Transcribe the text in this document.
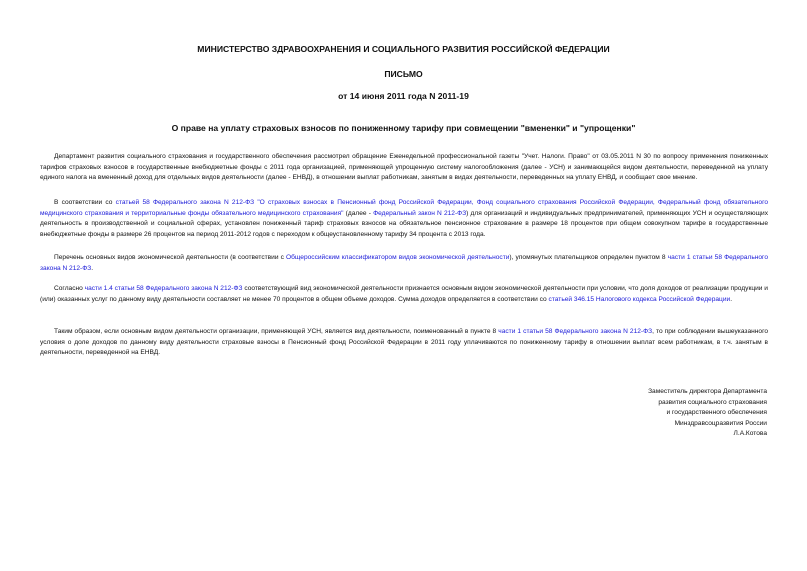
МИНИСТЕРСТВО ЗДРАВООХРАНЕНИЯ И СОЦИАЛЬНОГО РАЗВИТИЯ РОССИЙСКОЙ ФЕДЕРАЦИИ

ПИСЬМО

от 14 июня 2011 года N 2011-19

О праве на уплату страховых взносов по пониженному тарифу при совмещении "вмененки" и "упрощенки"

Департамент развития социального страхования и государственного обеспечения рассмотрел обращение Еженедельной профессиональной газеты "Учет. Налоги. Право" от 03.05.2011 N 30 по вопросу применения пониженных тарифов страховых взносов в государственные внебюджетные фонды с 2011 года организацией, применяющей упрощенную систему налогообложения (далее - УСН) и занимающейся видом деятельности, переведенной на уплату единого налога на вмененный доход для отдельных видов деятельности (далее - ЕНВД), в отношении выплат работникам, занятым в видах деятельности, переведенных на уплату ЕНВД, и сообщает свое мнение.

В соответствии со статьей 58 Федерального закона N 212-ФЗ "О страховых взносах в Пенсионный фонд Российской Федерации, Фонд социального страхования Российской Федерации, Федеральный фонд обязательного медицинского страхования и территориальные фонды обязательного медицинского страхования" (далее - Федеральный закон N 212-ФЗ) для организаций и индивидуальных предпринимателей, применяющих УСН и осуществляющих деятельность в производственной и социальной сферах, установлен пониженный тариф страховых взносов на обязательное пенсионное страхование в размере 18 процентов при общем совокупном тарифе в государственные внебюджетные фонды в размере 26 процентов на период 2011-2012 годов с переходом к общеустановленному тарифу 34 процента с 2013 года.

Перечень основных видов экономической деятельности (в соответствии с Общероссийским классификатором видов экономической деятельности), упомянутых плательщиков определен пунктом 8 части 1 статьи 58 Федерального закона N 212-ФЗ.

Согласно части 1.4 статьи 58 Федерального закона N 212-ФЗ соответствующий вид экономической деятельности признается основным видом экономической деятельности при условии, что доля доходов от реализации продукции и (или) оказанных услуг по данному виду деятельности составляет не менее 70 процентов в общем объеме доходов. Сумма доходов определяется в соответствии со статьей 346.15 Налогового кодекса Российской Федерации.

Таким образом, если основным видом деятельности организации, применяющей УСН, является вид деятельности, поименованный в пункте 8 части 1 статьи 58 Федерального закона N 212-ФЗ, то при соблюдении вышеуказанного условия о доле доходов по данному виду деятельности страховые взносы в Пенсионный фонд Российской Федерации в 2011 году уплачиваются по пониженному тарифу в отношении выплат всем работникам, в т.ч. занятым в деятельности, переведенной на ЕНВД.

Заместитель директора Департамента
развития социального страхования
и государственного обеспечения
Минздравсоцразвития России
Л.А.Котова
